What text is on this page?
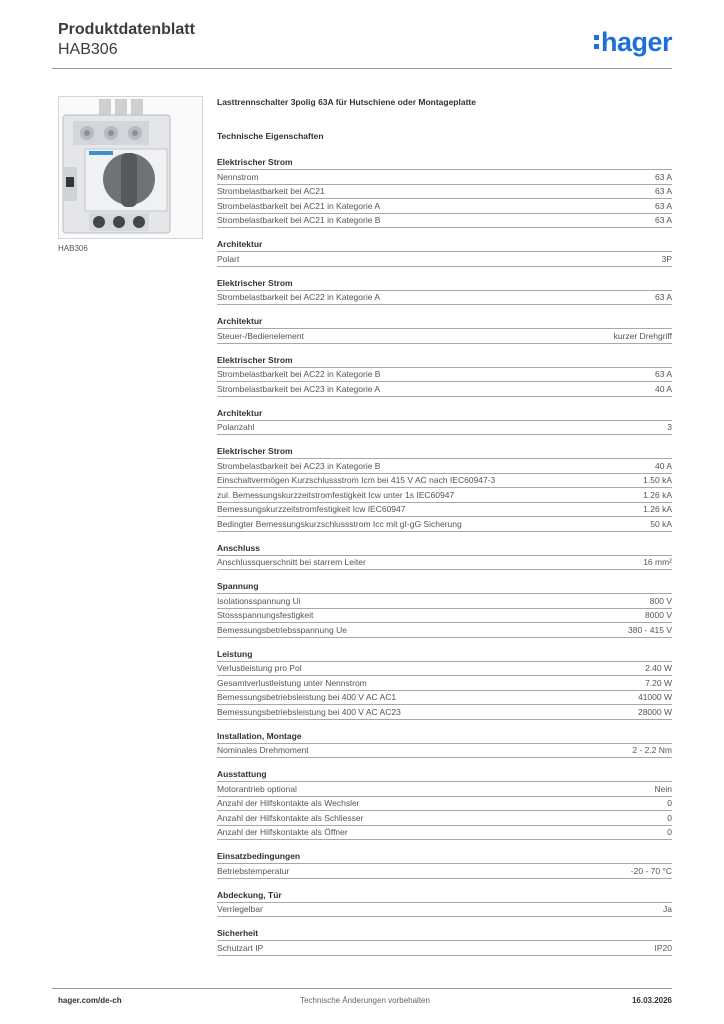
Produktdatenblatt
HAB306	hager
HAB306
Lasttrennschalter 3polig 63A für Hutschiene oder Montageplatte
Technische Eigenschaften
Elektrischer Strom
Nennstrom	63 A
Strombelastbarkeit bei AC21	63 A
Strombelastbarkeit bei AC21 in Kategorie A	63 A
Strombelastbarkeit bei AC21 in Kategorie B	63 A
Architektur
Polart	3P
Elektrischer Strom
Strombelastbarkeit bei AC22 in Kategorie A	63 A
Architektur
Steuer-/Bedienelement	kurzer Drehgriff
Elektrischer Strom
Strombelastbarkeit bei AC22 in Kategorie B	63 A
Strombelastbarkeit bei AC23 in Kategorie A	40 A
Architektur
Polanzahl	3
Elektrischer Strom
Strombelastbarkeit bei AC23 in Kategorie B	40 A
Einschaltvermögen Kurzschlussstrom Icm bei 415 V AC nach IEC60947-3	1.50 kA
zul. Bemessungskurzzeitstromfestigkeit Icw unter 1s IEC60947	1.26 kA
Bemessungskurzzeitstromfestigkeit Icw IEC60947	1.26 kA
Bedingter Bemessungskurzschlussstrom Icc mit gI-gG Sicherung	50 kA
Anschluss
Anschlussquerschnitt bei starrem Leiter	16 mm²
Spannung
Isolationsspannung Ui	800 V
Stossspannungsfestigkeit	8000 V
Bemessungsbetriebsspannung Ue	380 - 415 V
Leistung
Verlustleistung pro Pol	2.40 W
Gesamtverlustleistung unter Nennstrom	7.20 W
Bemessungsbetriebsleistung bei 400 V AC AC1	41000 W
Bemessungsbetriebsleistung bei 400 V AC AC23	28000 W
Installation, Montage
Nominales Drehmoment	2 - 2.2 Nm
Ausstattung
Motorantrieb optional	Nein
Anzahl der Hilfskontakte als Wechsler	0
Anzahl der Hilfskontakte als Schliesser	0
Anzahl der Hilfskontakte als Öffner	0
Einsatzbedingungen
Betriebstemperatur	-20 - 70 °C
Abdeckung, Tür
Verriegelbar	Ja
Sicherheit
Schutzart IP	IP20
hager.com/de-ch	Technische Änderungen vorbehalten	16.03.2026
